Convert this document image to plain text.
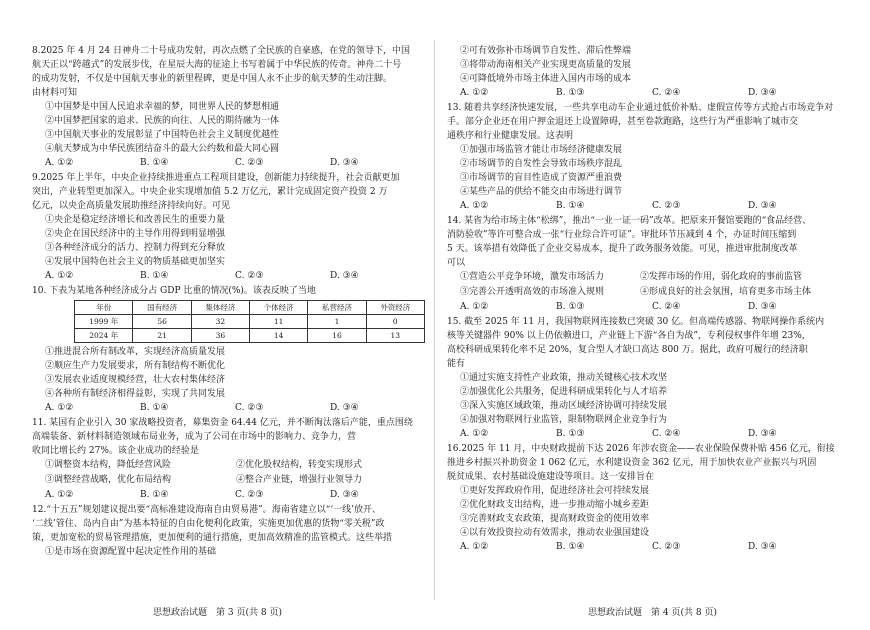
8.2025 年 4 月 24 日神舟二十号成功发射，再次点燃了全民族的自豪感，在党的领导下，中国

航天正以“跨越式”的发展步伐，在星辰大海的征途上书写着属于中华民族的传奇。神舟二十号

的成功发射，不仅是中国航天事业的新里程碑，更是中国人永不止步的航天梦的生动注脚。

由材料可知

①中国梦是中国人民追求幸福的梦，同世界人民的梦想相通

②中国梦把国家的追求、民族的向往、人民的期待融为一体

③中国航天事业的发展彰显了中国特色社会主义制度优越性

④航天梦成为中华民族团结奋斗的最大公约数和最大同心圆

A. ①②	B. ①④	C. ②③	D. ③④

9.2025 年上半年，中央企业持续推进重点工程项目建设，创新能力持续提升，社会贡献更加

突出，产业转型更加深入。中央企业实现增加值 5.2 万亿元，累计完成固定资产投资 2 万

亿元，以央企高质量发展助推经济持续向好。可见

①央企是稳定经济增长和改善民生的重要力量

②央企在国民经济中的主导作用得到明显增强

③各种经济成分的活力、控制力得到充分释放

④发展中国特色社会主义的物质基础更加坚实

A. ①②	B. ①④	C. ②③	D. ③④

10. 下表为某地各种经济成分占 GDP 比重的情况(%)。该表反映了当地

年份	国有经济	集体经济	个体经济	私营经济	外资经济
1999 年	56	32	11	1	0
2024 年	21	36	14	16	13

①推进混合所有制改革，实现经济高质量发展

②顺应生产力发展要求，所有制结构不断优化

③发展农业适度规模经营，壮大农村集体经济

④各种所有制经济相得益彰，实现了共同发展

A. ①②	B. ①④	C. ②③	D. ③④

11. 某国有企业引入 30 家战略投资者，募集资金 64.44 亿元，并不断淘汰落后产能，重点围绕

高端装备、新材料制造领域布局业务，成为了公司在市场中的影响力、竞争力，营

收同比增长约 27%。该企业成功的经验是

①调整资本结构，降低经营风险	②优化股权结构，转变实现形式
③调整经营战略，优化布局结构	④整合产业链，增强行业领导力
A. ①②	B. ①④	C. ②③	D. ③④

12.“十五五”规划建议提出要“高标准建设海南自由贸易港”。海南省建立以“‘一线’放开、

‘二线’管住、岛内自由”为基本特征的自由化便利化政策，实施更加优惠的货物“零关税”政

策，更加宽松的贸易管理措施，更加便利的通行措施，更加高效精准的监管模式。这些举措

①是市场在资源配置中起决定性作用的基础

思想政治试题　第 3 页(共 8 页)

②可有效弥补市场调节自发性、滞后性弊端

③将带动海南相关产业实现更高质量的发展

④可降低境外市场主体进入国内市场的成本

A. ①②	B. ①③	C. ②④	D. ③④

13. 随着共享经济快速发展，一些共享电动车企业通过低价补贴、虚假宣传等方式抢占市场竞争对

手。部分企业还在用户押金退还上设置障碍，甚至卷款跑路，这些行为严重影响了城市交

通秩序和行业健康发展。这表明

①加强市场监管才能让市场经济健康发展

②市场调节的自发性会导致市场秩序混乱

③市场调节的盲目性造成了资源严重浪费

④某些产品的供给不能交由市场进行调节

A. ①②	B. ①④	C. ②③	D. ③④

14. 某省为给市场主体“松绑”，推出“一业一证一码”改革。把原来开餐馆要跑的“食品经营、

消防验收”等许可整合成一张“行业综合许可证”。审批环节压减到 4 个，办证时间压缩到

5 天。该举措有效降低了企业交易成本，提升了政务服务效能。可见，推进审批制度改革

可以

①营造公平竞争环境，激发市场活力	②发挥市场的作用，弱化政府的事前监管
③完善公开透明高效的市场准入规则	④形成良好的社会氛围，培育更多市场主体
A. ①②	B. ①③	C. ②④	D. ③④

15. 截至 2025 年 11 月，我国物联网连接数已突破 30 亿。但高端传感器、物联网操作系统内

核等关键器件 90% 以上仍依赖进口，产业链上下游“各自为战”，专利侵权事件年增 23%，

高校科研成果转化率不足 20%，复合型人才缺口高达 800 万。据此，政府可履行的经济职

能有

①通过实施支持性产业政策，推动关键核心技术攻坚

②加强优化公共服务，促进科研成果转化与人才培养

③深入实施区域政策，推动区域经济协调可持续发展

④加强对物联网行业监管，限制物联网企业竞争行为

A. ①②	B. ①③	C. ②④	D. ③④

16.2025 年 11 月，中央财政提前下达 2026 年涉农资金——农业保险保费补贴 456 亿元，衔接

推进乡村振兴补助资金 1 062 亿元，水利建设资金 362 亿元，用于加快农业产业振兴与巩固

脱贫成果、农村基础设施建设等项目。这一安排旨在

①更好发挥政府作用，促进经济社会可持续发展

②优化财政支出结构，进一步推动缩小城乡差距

③完善财政支农政策，提高财政资金的使用效率

④以有效投资拉动有效需求，推动农业强国建设

A. ①②	B. ①④	C. ②③	D. ③④
思想政治试题　第 4 页(共 8 页)
